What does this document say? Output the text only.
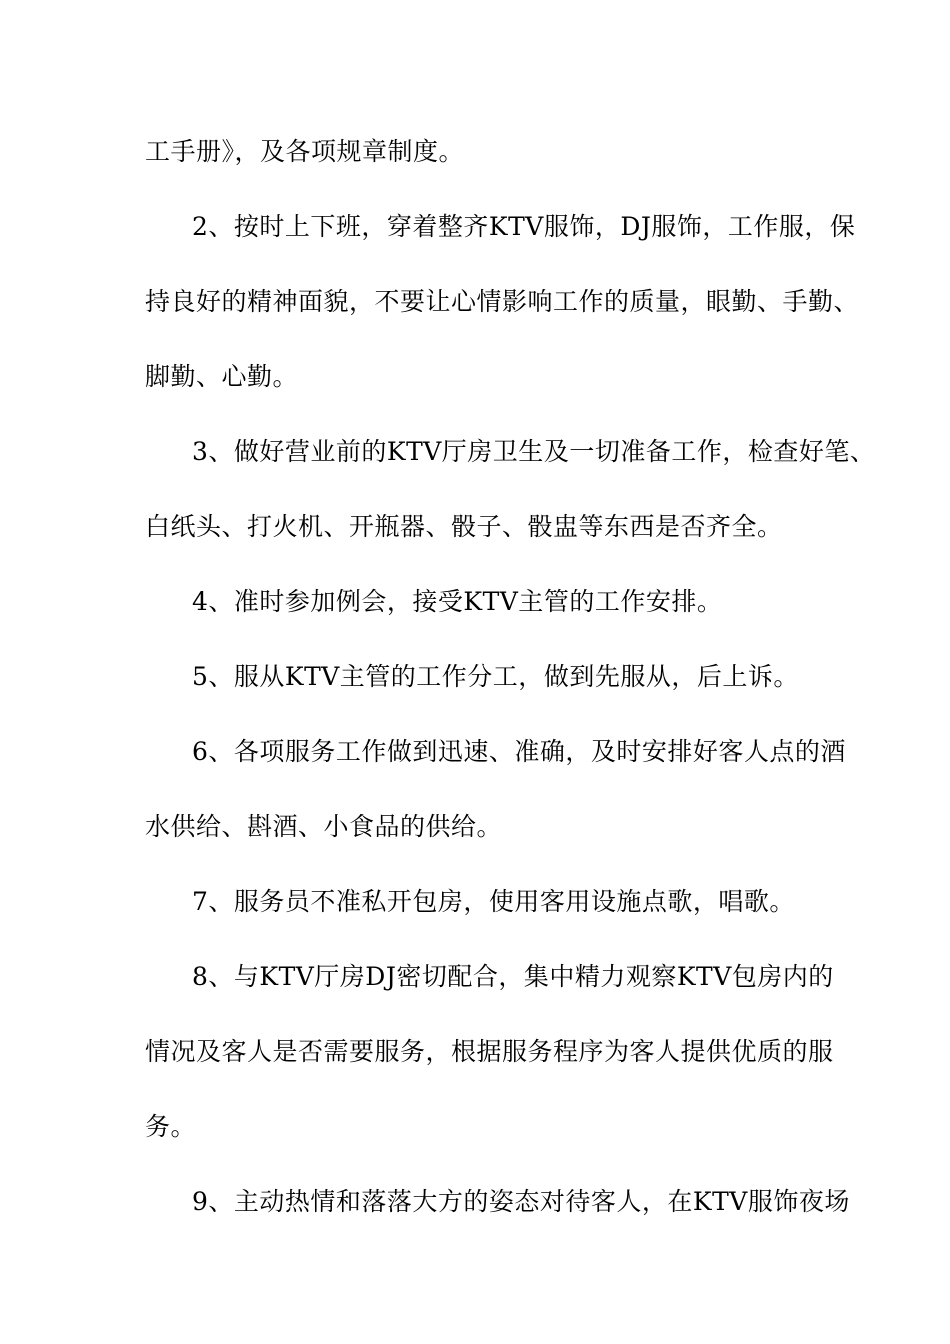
工手册》，及各项规章制度。
2、按时上下班，穿着整齐KTV服饰，DJ服饰，工作服，保
持良好的精神面貌，不要让心情影响工作的质量，眼勤、手勤、
脚勤、心勤。
3、做好营业前的KTV厅房卫生及一切准备工作，检查好笔、
白纸头、打火机、开瓶器、骰子、骰盅等东西是否齐全。
4、准时参加例会，接受KTV主管的工作安排。
5、服从KTV主管的工作分工，做到先服从，后上诉。
6、各项服务工作做到迅速、准确，及时安排好客人点的酒
水供给、斟酒、小食品的供给。
7、服务员不准私开包房，使用客用设施点歌，唱歌。
8、与KTV厅房DJ密切配合，集中精力观察KTV包房内的
情况及客人是否需要服务，根据服务程序为客人提供优质的服
务。
9、主动热情和落落大方的姿态对待客人，在KTV服饰夜场
